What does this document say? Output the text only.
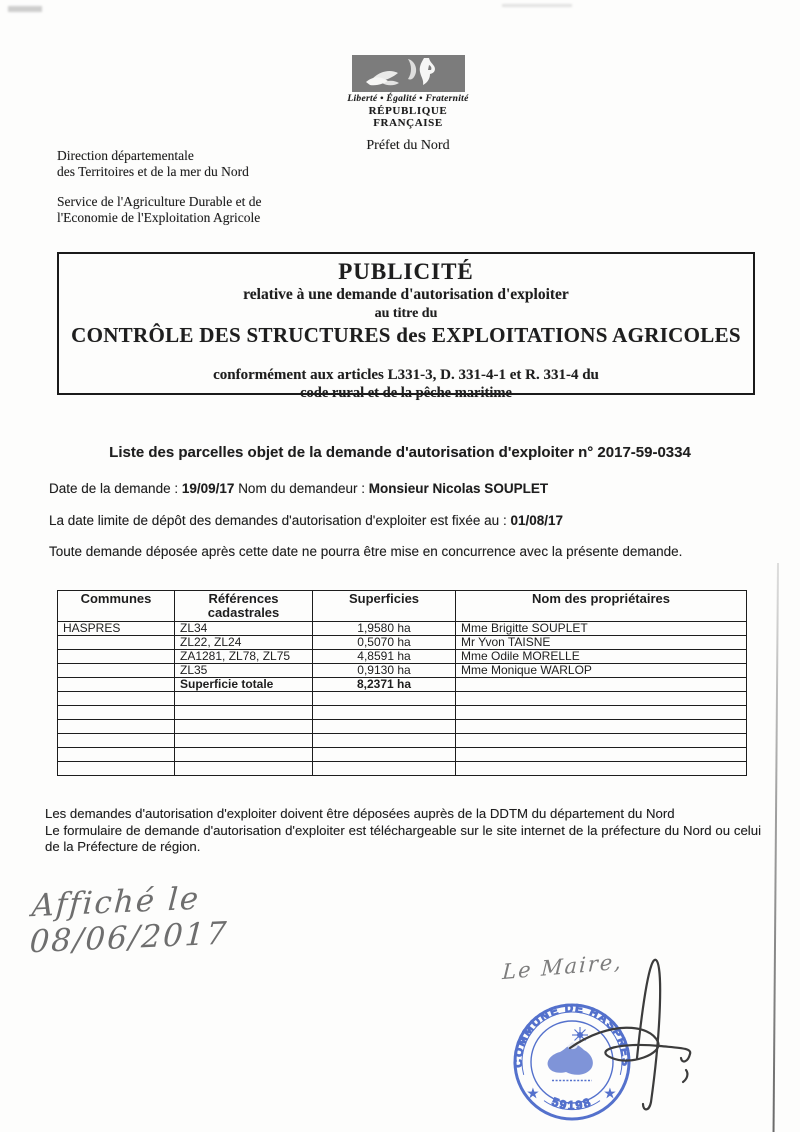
Liberté • Égalité • Fraternité
RÉPUBLIQUE FRANÇAISE
Préfet du Nord
Direction départementale
des Territoires et de la mer du Nord
Service de l'Agriculture Durable et de
l'Economie de l'Exploitation Agricole
PUBLICITÉ
relative à une demande d'autorisation d'exploiter
au titre du
CONTRÔLE DES STRUCTURES des EXPLOITATIONS AGRICOLES
conformément aux articles L331-3, D. 331-4-1 et R. 331-4 du
code rural et de la pêche maritime
Liste des parcelles objet de la demande d'autorisation d'exploiter n° 2017-59-0334
Date de la demande : 19/09/17 Nom du demandeur : Monsieur Nicolas SOUPLET
La date limite de dépôt des demandes d'autorisation d'exploiter est fixée au : 01/08/17
Toute demande déposée après cette date ne pourra être mise en concurrence avec la présente demande.
Communes	Références cadastrales	Superficies	Nom des propriétaires
HASPRES	ZL34	1,9580 ha	Mme Brigitte SOUPLET
	ZL22, ZL24	0,5070 ha	Mr Yvon TAISNE
	ZA1281, ZL78, ZL75	4,8591 ha	Mme Odile MORELLE
	ZL35	0,9130 ha	Mme Monique WARLOP
	Superficie totale	8,2371 ha	

Les demandes d'autorisation d'exploiter doivent être déposées auprès de la DDTM du département du Nord
Le formulaire de demande d'autorisation d'exploiter est téléchargeable sur le site internet de la préfecture du Nord ou celui de la Préfecture de région.
Affiché le 08/06/2017
Le Maire,
COMMUNE DE HASPRES
59198
★	★
